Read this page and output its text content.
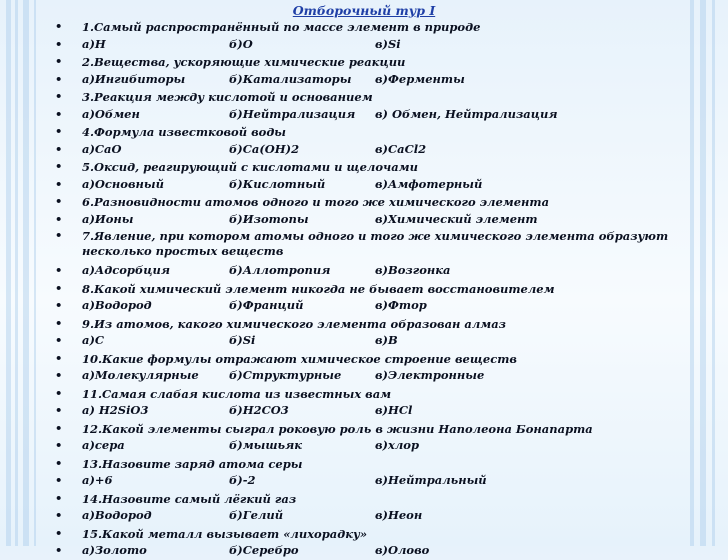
Отборочный тур I
• 1.Самый распространённый по массе элемент в природе
• а)H	б)O	в)Si
• 2.Вещества, ускоряющие химические реакции
• а)Ингибиторы	б)Катализаторы в)Ферменты
• 3.Реакция между кислотой и основанием
• а)Обмен	б)Нейтрализация в) Обмен, Нейтрализация
• 4.Формула известковой воды
• а)CaO	б)Ca(OH)2	в)CaCl2
• 5.Оксид, реагирующий с кислотами и щелочами
• а)Основный	б)Кислотный	в)Амфотерный
• 6.Разновидности атомов одного и того же химического элемента
• а)Ионы	б)Изотопы	в)Химический элемент
• 7.Явление, при котором атомы одного и того же химического элемента образуют несколько простых веществ
• а)Адсорбция	б)Аллотропия	в)Возгонка
• 8.Какой химический элемент никогда не бывает восстановителем
• а)Водород	б)Франций	в)Фтор
• 9.Из атомов, какого химического элемента образован алмаз
• а)C	б)Si	в)B
• 10.Какие формулы отражают химическое строение веществ
• а)Молекулярные	б)Структурные	в)Электронные
• 11.Самая слабая кислота из известных вам
• а) H2SiO3	б)H2CO3	в)HCl
• 12.Какой элементы сыграл роковую роль в жизни Наполеона Бонапарта
• а)сера	б)мышьяк	в)хлор
• 13.Назовите заряд атома серы
• а)+6	б)-2	в)Нейтральный
• 14.Назовите самый лёгкий газ
• а)Водород	б)Гелий	в)Неон
• 15.Какой металл вызывает «лихорадку»
• а)Золото	б)Серебро	в)Олово
